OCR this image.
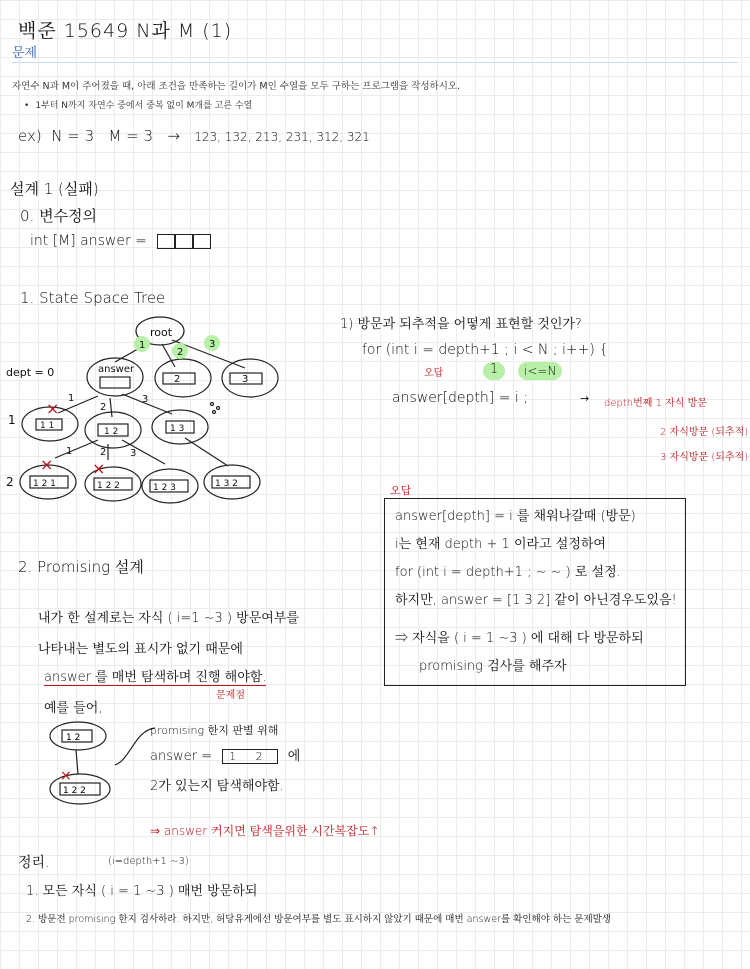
백준 15649 N과 M (1)
문제
자연수 N과 M이 주어졌을 때, 아래 조건을 만족하는 길이가 M인 수열을 모두 구하는 프로그램을 작성하시오.
• 1부터 N까지 자연수 중에서 중복 없이 M개를 고른 수열
ex) N = 3 M = 3 → 123, 132, 213, 231, 312, 321
설계 1 (실패)
0. 변수정의
int [M] answer =
1. State Space Tree
root
answer
1
2
3
1
2
3
1	2 3
2	3
1 1
1 2	1 3
1 2 1	1 2 2	1 2 3	1 3 2
dept = 0
1
2
×
× ×
1) 방문과 되추적을 어떻게 표현할 것인가?
for (int i = depth+1 ; i < N ; i++) {
오답	1	i<=N
answer[depth] = i ;	→ depth번째 1 자식 방문
2 자식방문 (되추적)
3 자식방문 (되추적)
오답
answer[depth] = i 를 채워나갈때 (방문)
i는 현재 depth + 1 이라고 설정하여
for (int i = depth+1 ; ~ ~ ) 로 설정.
하지만, answer = [1 3 2] 같이 아닌경우도있음!
⇒ 자식을 ( i = 1 ~3 ) 에 대해 다 방문하되
promising 검사를 해주자
2. Promising 설계
내가 한 설계로는 자식 ( i=1 ~3 ) 방문여부를
나타내는 별도의 표시가 없기 때문에
answer 를 매번 탐색하며 진행 해야함.
문제점
예를 들어,
1 2
1 2 2
×
promising 한지 판별 위해
answer = 1 2 에
2가 있는지 탐색해야함.
⇒ answer 커지면 탐색을위한 시간복잡도↑
정리.	(i=depth+1 ~3)
1. 모든 자식 ( i = 1 ~3 ) 매번 방문하되
2. 방문전 promising 한지 검사하라. 하지만, 허당유게에선 방문여부를 별도 표시하지 않았기 때문에 매번 answer를 확인해야 하는 문제발생
